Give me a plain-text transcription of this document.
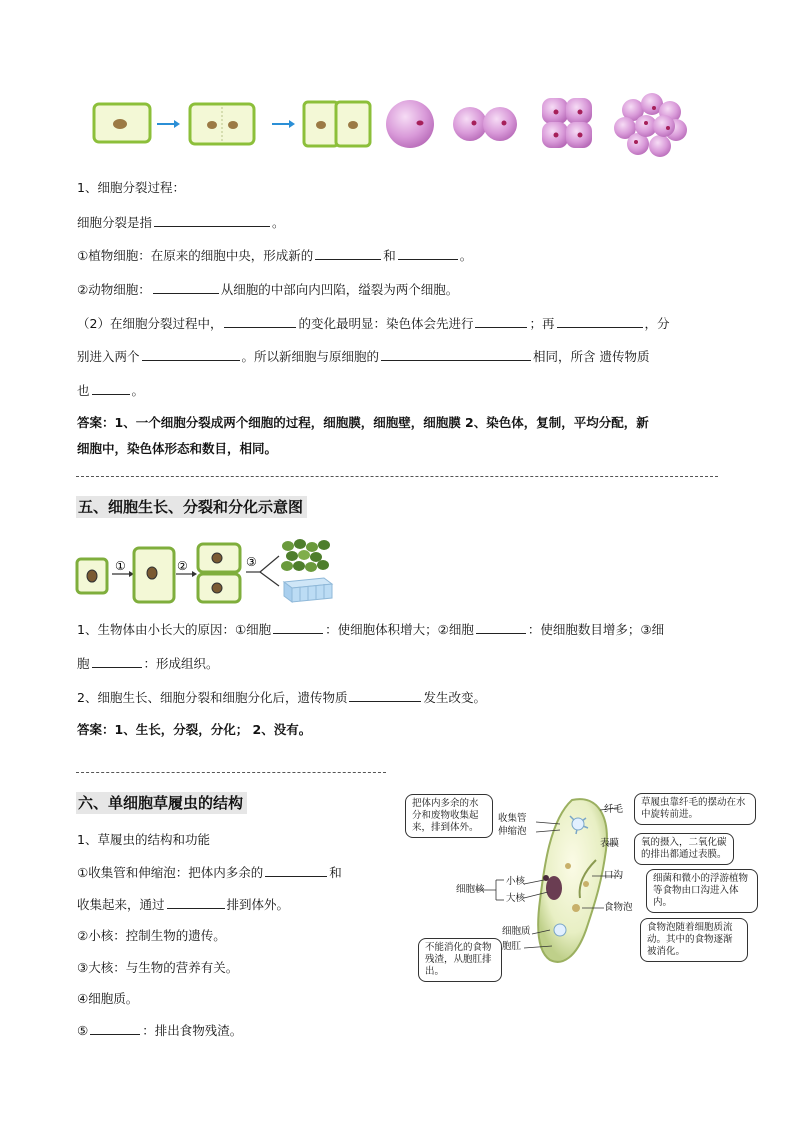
1、细胞分裂过程：
细胞分裂是指	。
①植物细胞：在原来的细胞中央，形成新的	和	。
②动物细胞：	从细胞的中部向内凹陷，缢裂为两个细胞。
（2）在细胞分裂过程中，	的变化最明显：染色体会先进行	；再	，分
别进入两个	。所以新细胞与原细胞的	相同，所含 遗传物质
也	。
答案：1、一个细胞分裂成两个细胞的过程，细胞膜，细胞壁，细胞膜 2、染色体，复制，平均分配，新
细胞中，染色体形态和数目，相同。
五、细胞生长、分裂和分化示意图
①	②	③
1、生物体由小长大的原因：①细胞	：使细胞体积增大；②细胞	：使细胞数目增多；③细
胞	：形成组织。
2、细胞生长、细胞分裂和细胞分化后，遗传物质	发生改变。
答案：1、生长，分裂，分化； 2、没有。
六、单细胞草履虫的结构
1、草履虫的结构和功能
①收集管和伸缩泡：把体内多余的	和
收集起来，通过	排到体外。
②小核：控制生物的遗传。
③大核：与生物的营养有关。
④细胞质。
⑤	：排出食物残渣。
收集管
伸缩泡
小核
大核
细胞核
细胞质
胞肛
纤毛
表膜
口沟
食物泡
把体内多余的水分和废物收集起来，排到体外。
不能消化的食物残渣，从胞肛排出。
草履虫靠纤毛的摆动在水中旋转前进。
氧的摄入，二氧化碳的排出都通过表膜。
细菌和微小的浮游植物等食物由口沟进入体内。
食物泡随着细胞质流动。其中的食物逐渐被消化。
